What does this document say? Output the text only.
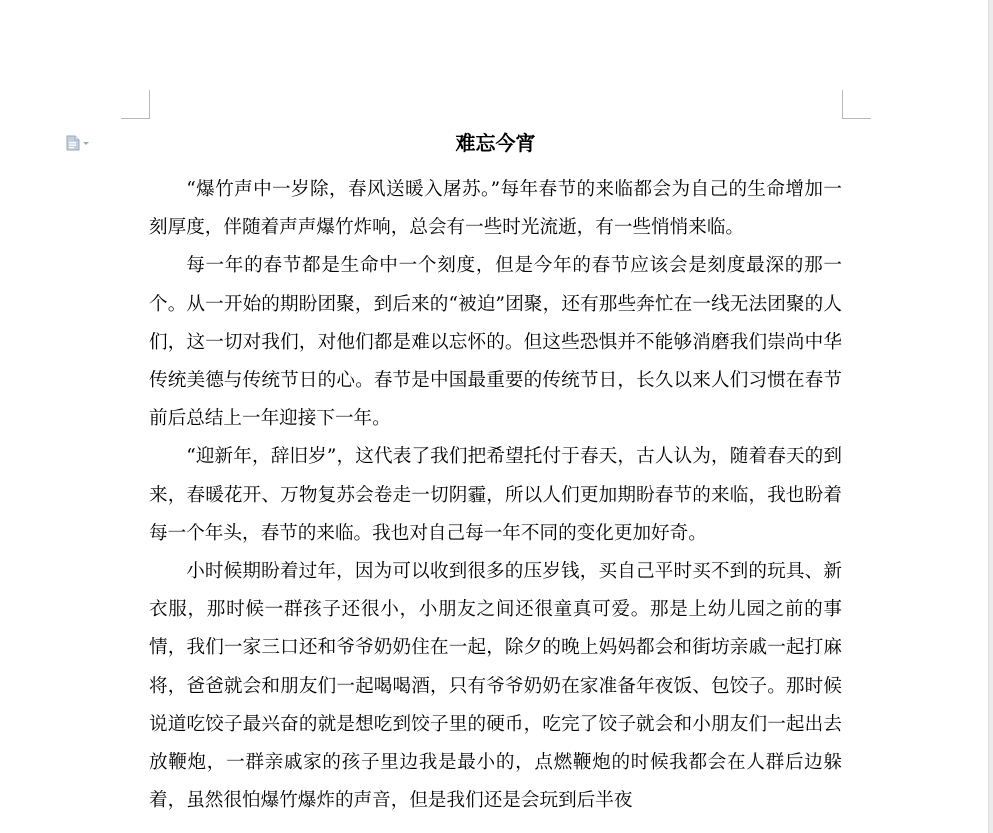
难忘今宵

“爆竹声中一岁除，春风送暖入屠苏。”每年春节的来临都会为自己的生命增加一刻厚度，伴随着声声爆竹炸响，总会有一些时光流逝，有一些悄悄来临。

每一年的春节都是生命中一个刻度，但是今年的春节应该会是刻度最深的那一个。从一开始的期盼团聚，到后来的“被迫”团聚，还有那些奔忙在一线无法团聚的人们，这一切对我们，对他们都是难以忘怀的。但这些恐惧并不能够消磨我们崇尚中华传统美德与传统节日的心。春节是中国最重要的传统节日，长久以来人们习惯在春节前后总结上一年迎接下一年。

“迎新年，辞旧岁”，这代表了我们把希望托付于春天，古人认为，随着春天的到来，春暖花开、万物复苏会卷走一切阴霾，所以人们更加期盼春节的来临，我也盼着每一个年头，春节的来临。我也对自己每一年不同的变化更加好奇。

小时候期盼着过年，因为可以收到很多的压岁钱，买自己平时买不到的玩具、新衣服，那时候一群孩子还很小，小朋友之间还很童真可爱。那是上幼儿园之前的事情，我们一家三口还和爷爷奶奶住在一起，除夕的晚上妈妈都会和街坊亲戚一起打麻将，爸爸就会和朋友们一起喝喝酒，只有爷爷奶奶在家准备年夜饭、包饺子。那时候说道吃饺子最兴奋的就是想吃到饺子里的硬币，吃完了饺子就会和小朋友们一起出去放鞭炮，一群亲戚家的孩子里边我是最小的，点燃鞭炮的时候我都会在人群后边躲着，虽然很怕爆竹爆炸的声音，但是我们还是会玩到后半夜
